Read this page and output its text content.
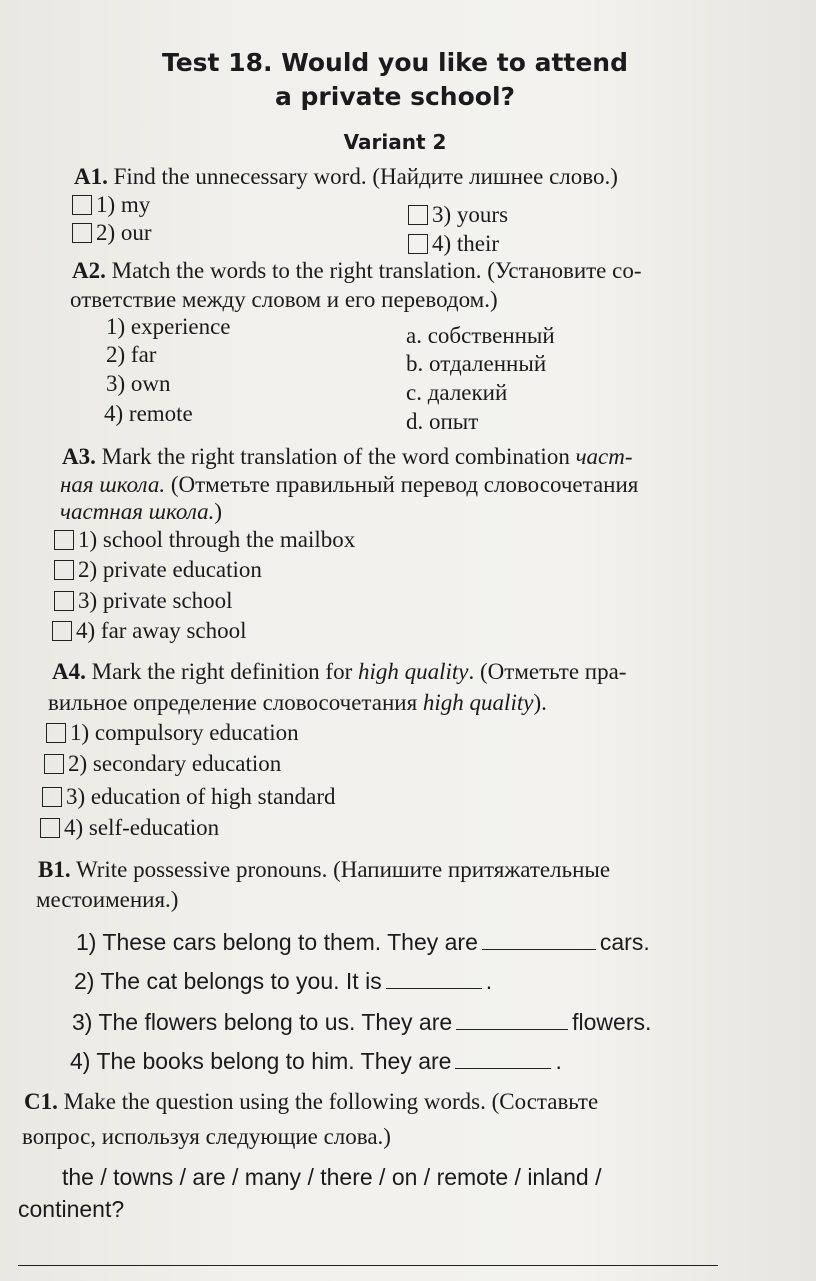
Test 18. Would you like to attend
a private school?
Variant 2
A1. Find the unnecessary word. (Найдите лишнее слово.)
1) my
2) our
3) yours
4) their
A2. Match the words to the right translation. (Установите со-
ответствие между словом и его переводом.)
1) experience
2) far
3) own
4) remote
a. собственный
b. отдаленный
c. далекий
d. опыт
A3. Mark the right translation of the word combination част-
ная школа. (Отметьте правильный перевод словосочетания
частная школа.)
1) school through the mailbox
2) private education
3) private school
4) far away school
A4. Mark the right definition for high quality. (Отметьте пра-
вильное определение словосочетания high quality).
1) compulsory education
2) secondary education
3) education of high standard
4) self-education
B1. Write possessive pronouns. (Напишите притяжательные
местоимения.)
1) These cars belong to them. They are	cars.
2) The cat belongs to you. It is	.
3) The flowers belong to us. They are	flowers.
4) The books belong to him. They are	.
C1. Make the question using the following words. (Составьте
вопрос, используя следующие слова.)
the / towns / are / many / there / on / remote / inland /
continent?
